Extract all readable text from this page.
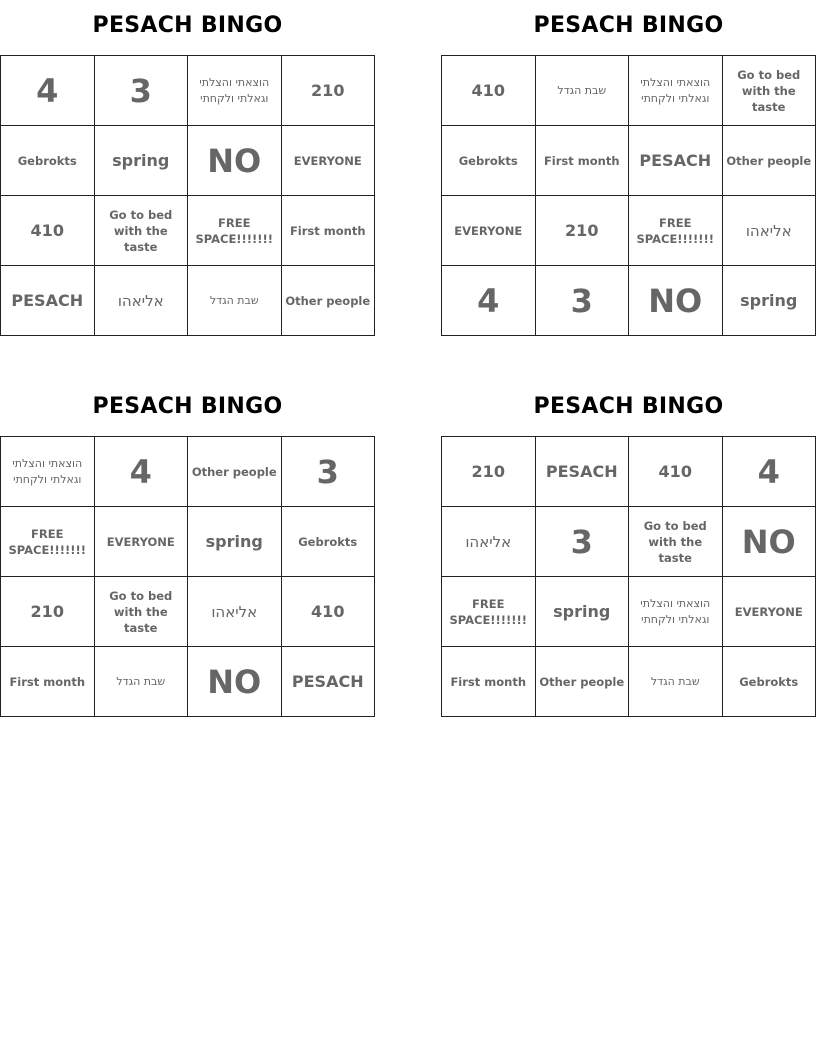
PESACH BINGO
4	3	הוצאתי והצלתי וגאלתי ולקחתי	210
Gebrokts	spring	NO	EVERYONE
410	Go to bed with the taste	FREE SPACE!!!!!!!	First month
PESACH	אליאהו	שבת הגדל	Other people
PESACH BINGO
410	שבת הגדל	הוצאתי והצלתי וגאלתי ולקחתי	Go to bed with the taste
Gebrokts	First month	PESACH	Other people
EVERYONE	210	FREE SPACE!!!!!!!	אליאהו
4	3	NO	spring
PESACH BINGO
הוצאתי והצלתי וגאלתי ולקחתי	4	Other people	3
FREE SPACE!!!!!!!	EVERYONE	spring	Gebrokts
210	Go to bed with the taste	אליאהו	410
First month	שבת הגדל	NO	PESACH
PESACH BINGO
210	PESACH	410	4
אליאהו	3	Go to bed with the taste	NO
FREE SPACE!!!!!!!	spring	הוצאתי והצלתי וגאלתי ולקחתי	EVERYONE
First month	Other people	שבת הגדל	Gebrokts
